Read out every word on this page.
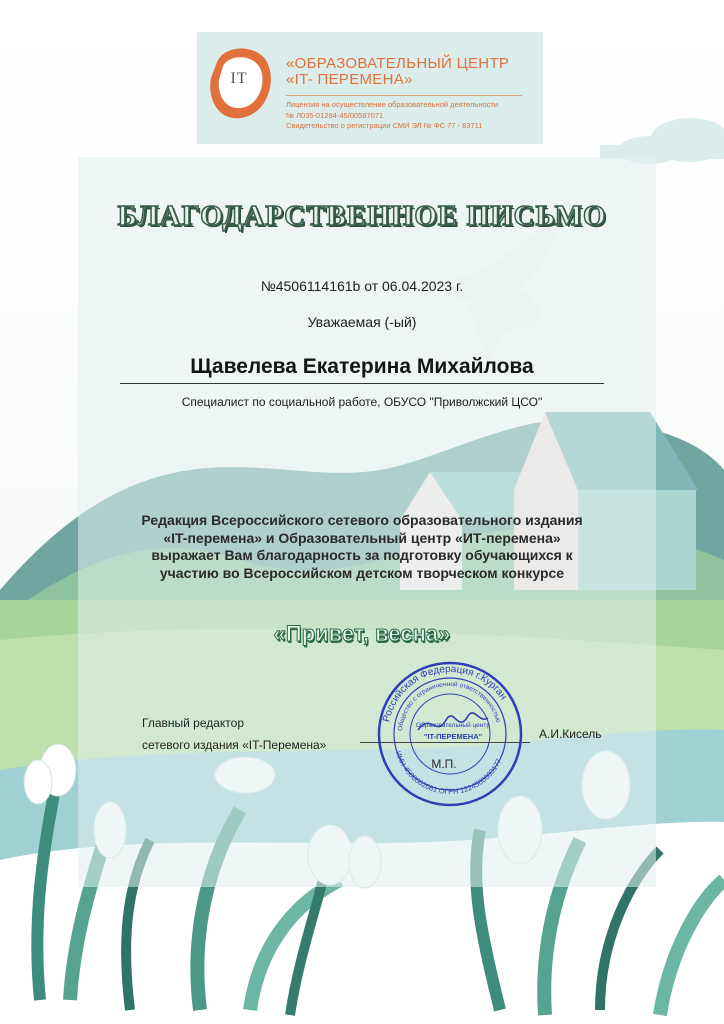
IT
«ОБРАЗОВАТЕЛЬНЫЙ ЦЕНТР
«IT- ПЕРЕМЕНА»
Лицензия на осуществление образовательной деятельности
№ Л035-01284-45/00587071
Свидетельство о регистрации СМИ ЭЛ № ФС 77 - 83711
БЛАГОДАРСТВЕННОЕ ПИСЬМО
№4506114161b от 06.04.2023 г.
Уважаемая (-ый)
Щавелева Екатерина Михайлова
Специалист по социальной работе, ОБУСО "Приволжский ЦСО"
Редакция Всероссийского сетевого образовательного издания
«IT-перемена» и Образовательный центр «ИТ-перемена»
выражает Вам благодарность за подготовку обучающихся к
участию во Всероссийском детском творческом конкурсе
«Привет, весна»
Главный редактор
сетевого издания «IT-Перемена»
А.И.Кисель
Российская Федерация г.Курган
Общество с ограниченной ответственностью
ИНН 4500002081 ОГРН 1224500003177
Образовательный центр
"IT-ПЕРЕМЕНА"
М.П.
